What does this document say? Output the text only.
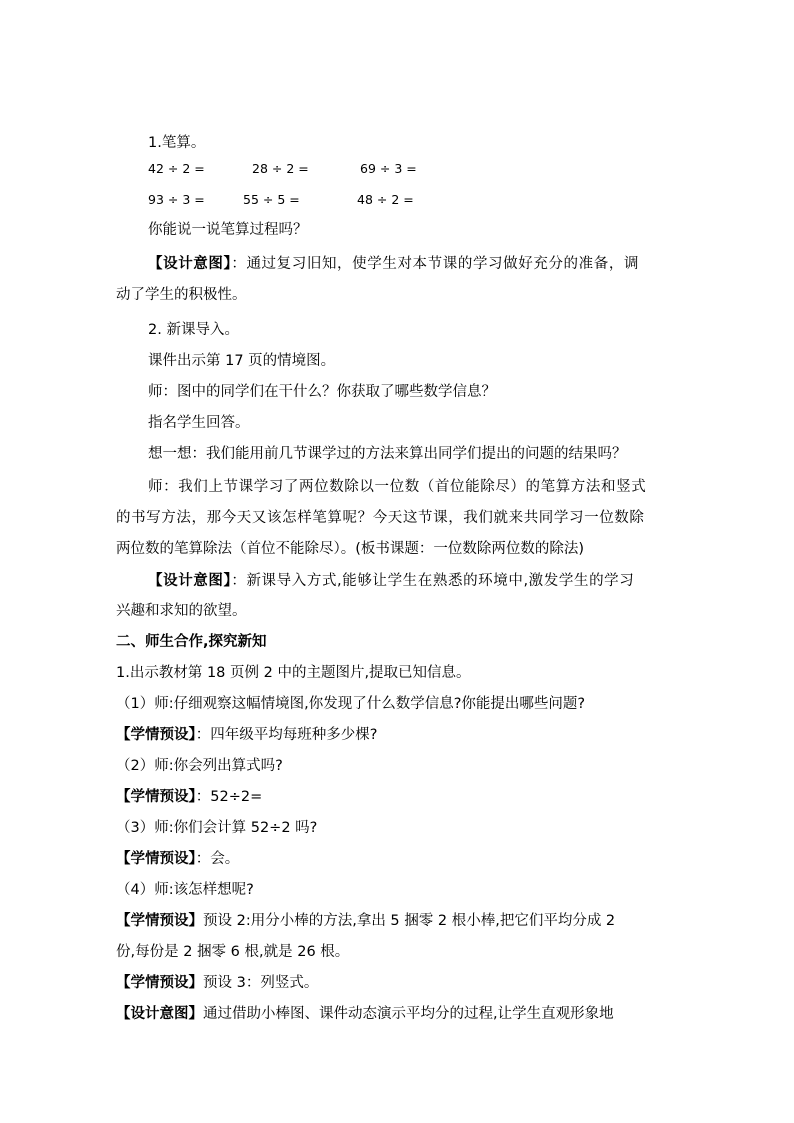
1.笔算。
42 ÷ 2 =	28 ÷ 2 =	69 ÷ 3 =
93 ÷ 3 =	55 ÷ 5 =	48 ÷ 2 =
你能说一说笔算过程吗？
【设计意图】：通过复习旧知，使学生对本节课的学习做好充分的准备，调
动了学生的积极性。
2. 新课导入。
课件出示第 17 页的情境图。
师：图中的同学们在干什么？你获取了哪些数学信息？
指名学生回答。
想一想：我们能用前几节课学过的方法来算出同学们提出的问题的结果吗？
师：我们上节课学习了两位数除以一位数（首位能除尽）的笔算方法和竖式
的书写方法，那今天又该怎样笔算呢？今天这节课，我们就来共同学习一位数除
两位数的笔算除法（首位不能除尽）。(板书课题：一位数除两位数的除法)
【设计意图】：新课导入方式,能够让学生在熟悉的环境中,激发学生的学习
兴趣和求知的欲望。
二、师生合作,探究新知
1.出示教材第 18 页例 2 中的主题图片,提取已知信息。
（1）师:仔细观察这幅情境图,你发现了什么数学信息?你能提出哪些问题?
【学情预设】：四年级平均每班种多少棵?
（2）师:你会列出算式吗?
【学情预设】：52÷2=
（3）师:你们会计算 52÷2 吗?
【学情预设】：会。
（4）师:该怎样想呢?
【学情预设】预设 2:用分小棒的方法,拿出 5 捆零 2 根小棒,把它们平均分成 2
份,每份是 2 捆零 6 根,就是 26 根。
【学情预设】预设 3：列竖式。
【设计意图】通过借助小棒图、课件动态演示平均分的过程,让学生直观形象地
